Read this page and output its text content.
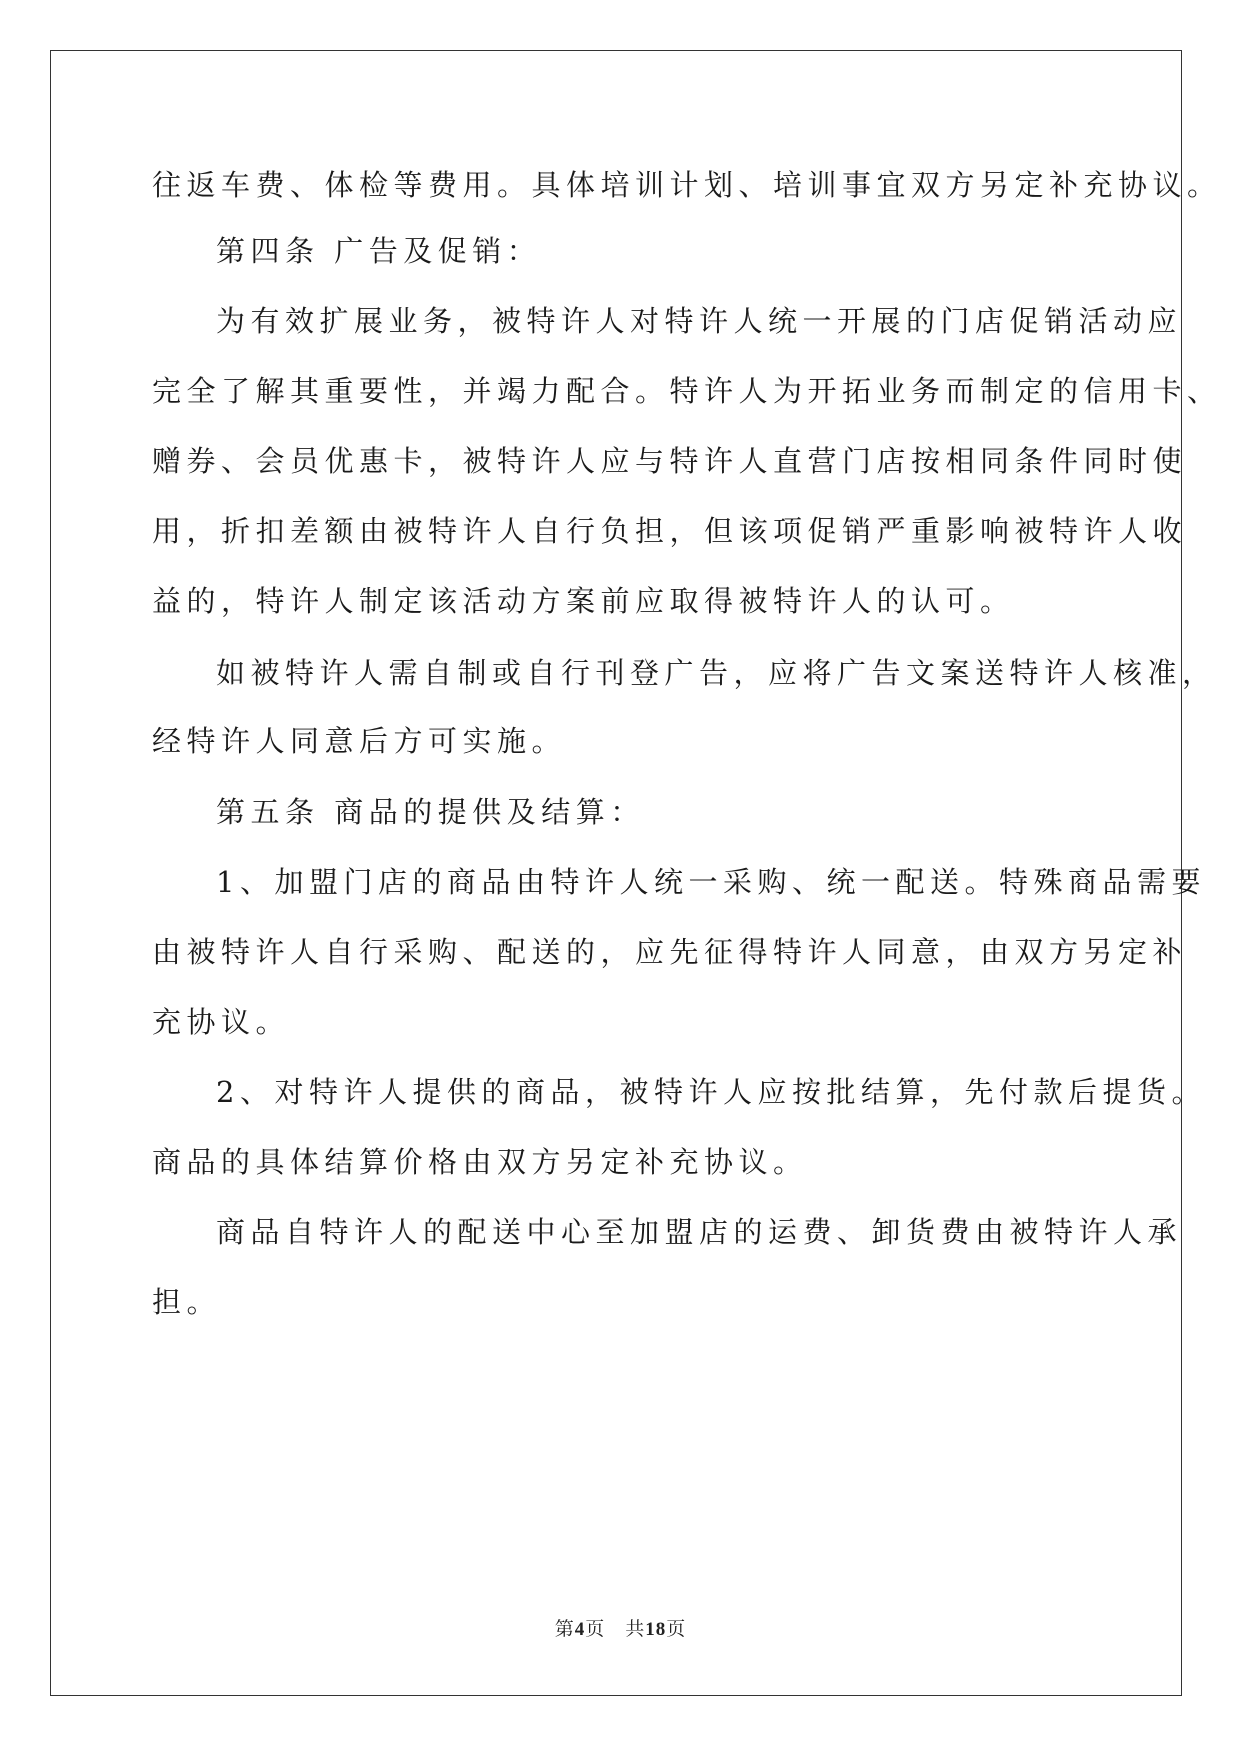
往返车费、体检等费用。具体培训计划、培训事宜双方另定补充协议。
第四条 广告及促销：
为有效扩展业务，被特许人对特许人统一开展的门店促销活动应
完全了解其重要性，并竭力配合。特许人为开拓业务而制定的信用卡、
赠券、会员优惠卡，被特许人应与特许人直营门店按相同条件同时使
用，折扣差额由被特许人自行负担，但该项促销严重影响被特许人收
益的，特许人制定该活动方案前应取得被特许人的认可。
如被特许人需自制或自行刊登广告，应将广告文案送特许人核准，
经特许人同意后方可实施。
第五条 商品的提供及结算：
1、加盟门店的商品由特许人统一采购、统一配送。特殊商品需要
由被特许人自行采购、配送的，应先征得特许人同意，由双方另定补
充协议。
2、对特许人提供的商品，被特许人应按批结算，先付款后提货。
商品的具体结算价格由双方另定补充协议。
商品自特许人的配送中心至加盟店的运费、卸货费由被特许人承
担。
第4页 共18页
